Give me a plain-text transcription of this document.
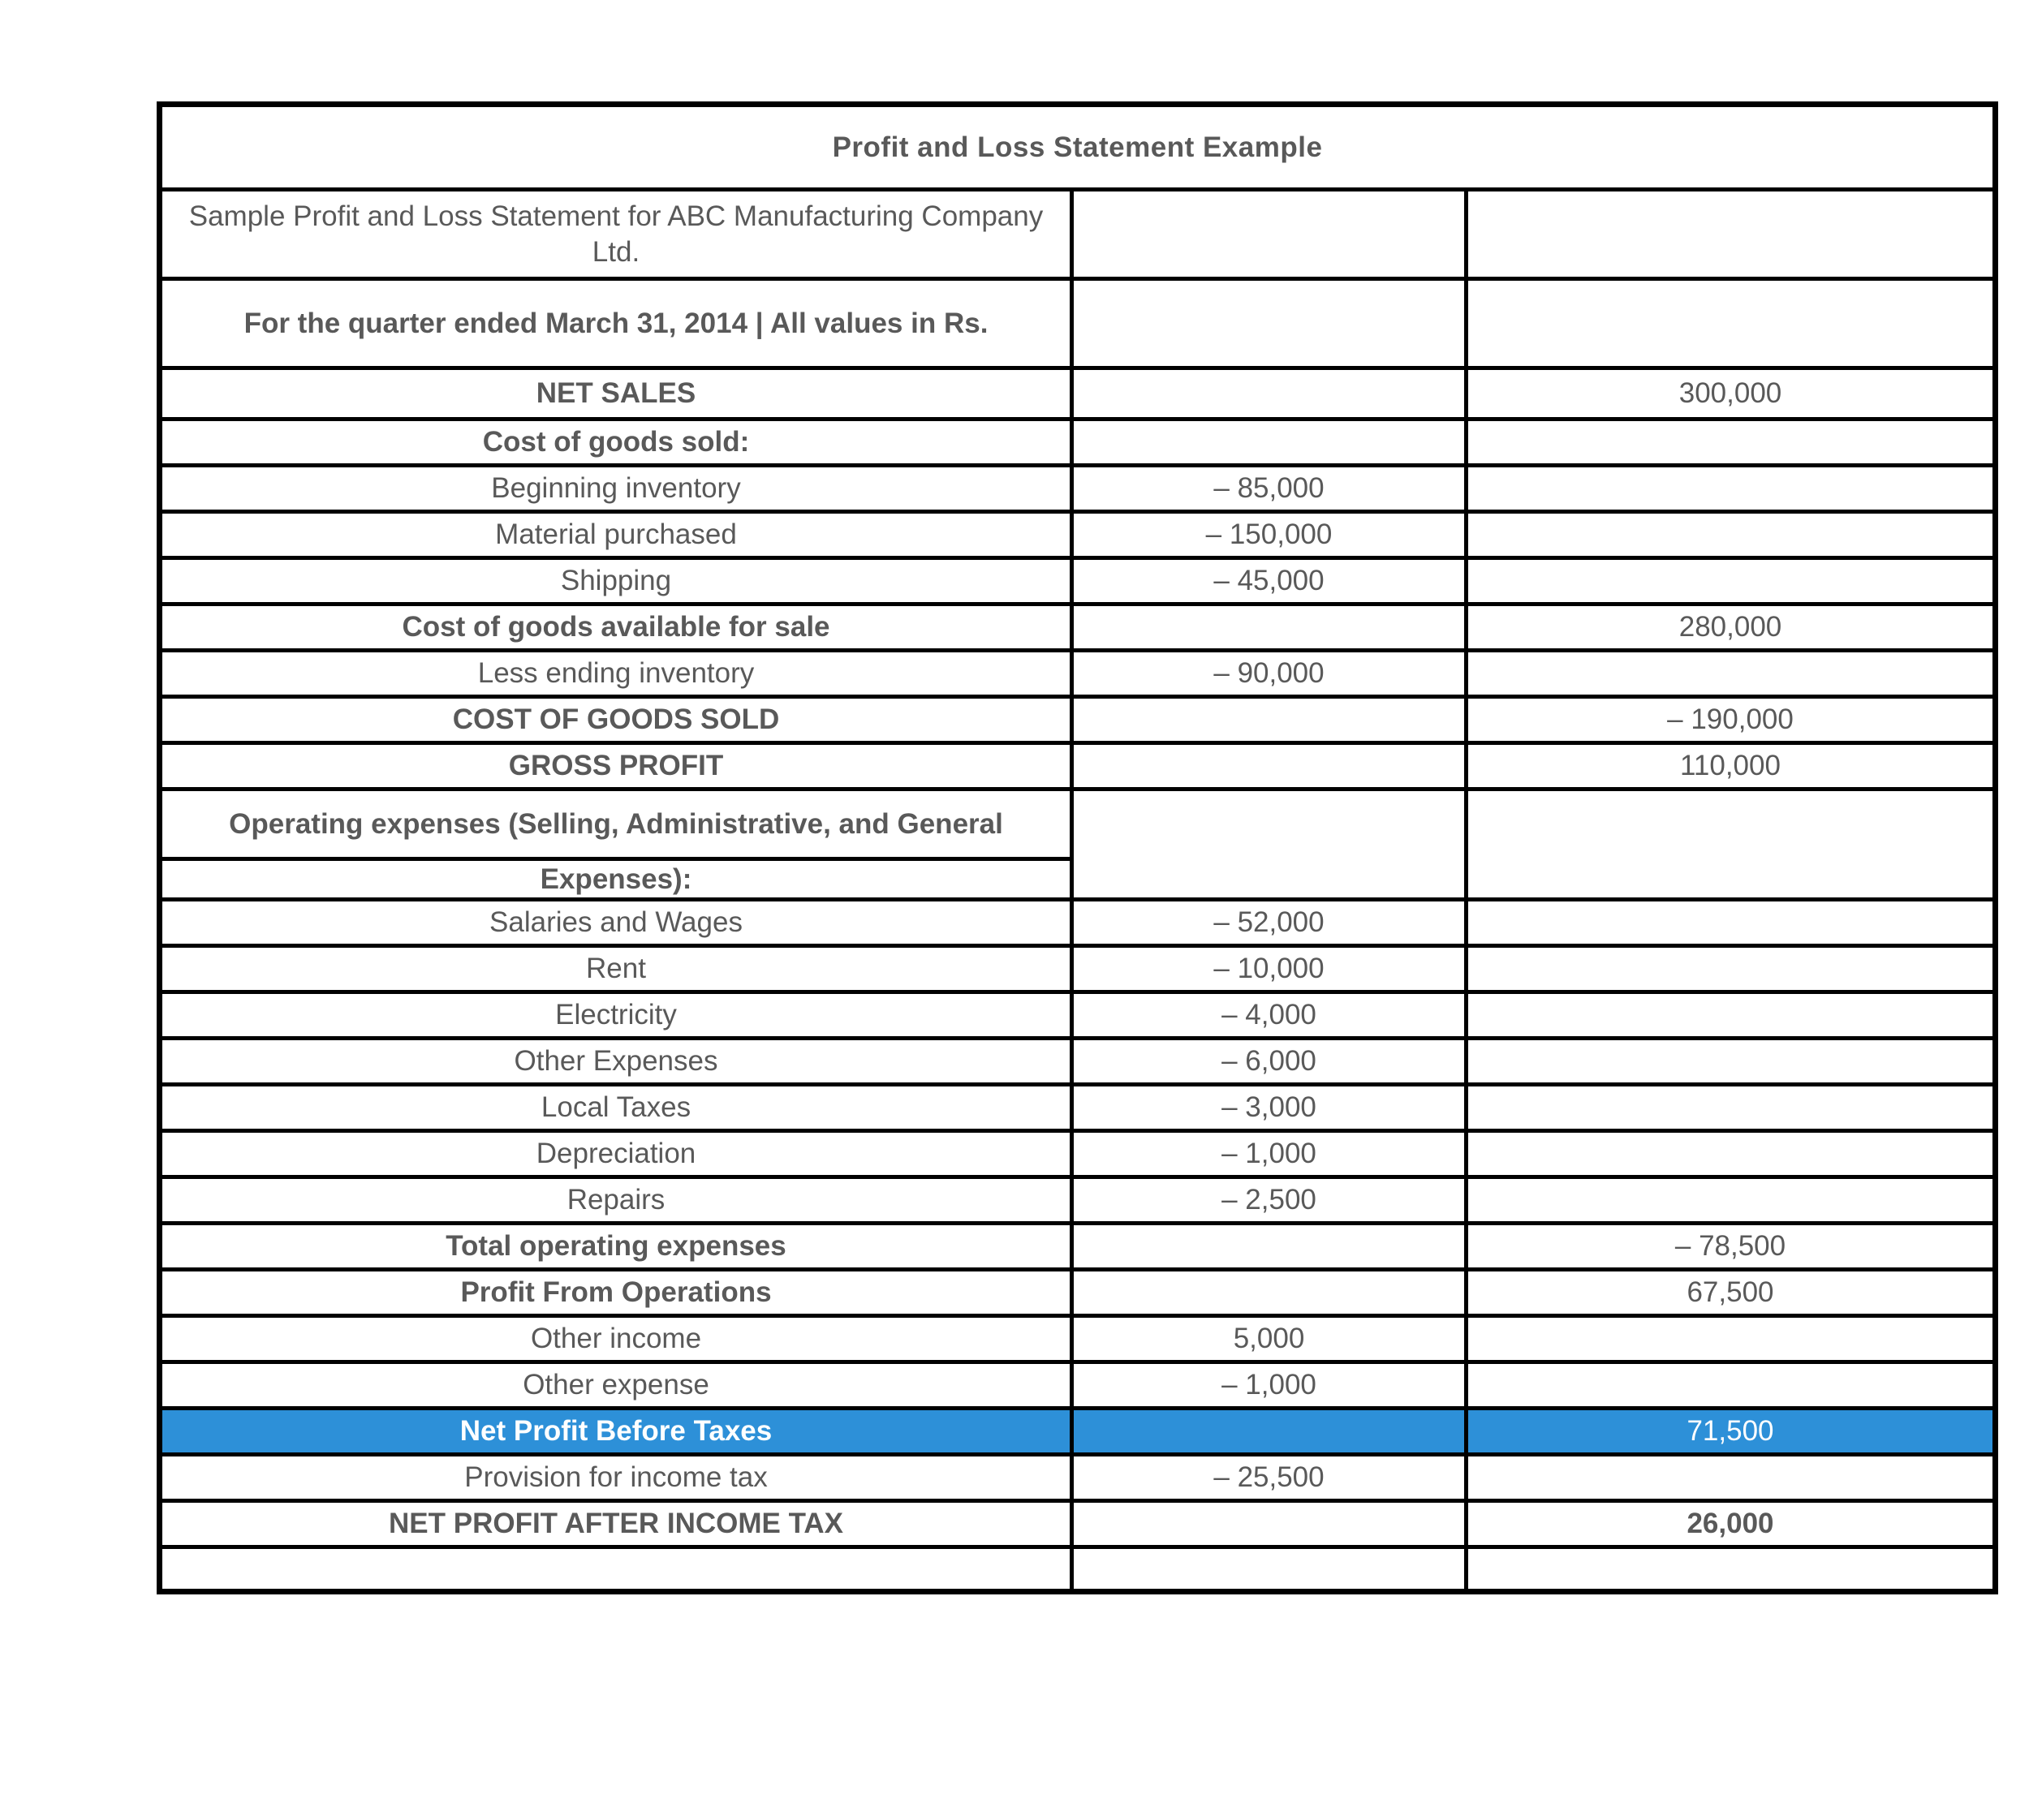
Profit and Loss Statement Example		
Sample Profit and Loss Statement for ABC Manufacturing Company Ltd.		
For the quarter ended March 31, 2014 | All values in Rs.		
NET SALES		300,000
Cost of goods sold:		
Beginning inventory	– 85,000	
Material purchased	– 150,000	
Shipping	– 45,000	
Cost of goods available for sale		280,000
Less ending inventory	– 90,000	
COST OF GOODS SOLD		– 190,000
GROSS PROFIT		110,000
Operating expenses (Selling, Administrative, and General		
Expenses):		
Salaries and Wages	– 52,000	
Rent	– 10,000	
Electricity	– 4,000	
Other Expenses	– 6,000	
Local Taxes	– 3,000	
Depreciation	– 1,000	
Repairs	– 2,500	
Total operating expenses		– 78,500
Profit From Operations		67,500
Other income	5,000	
Other expense	– 1,000	
Net Profit Before Taxes		71,500
Provision for income tax	– 25,500	
NET PROFIT AFTER INCOME TAX		26,000
